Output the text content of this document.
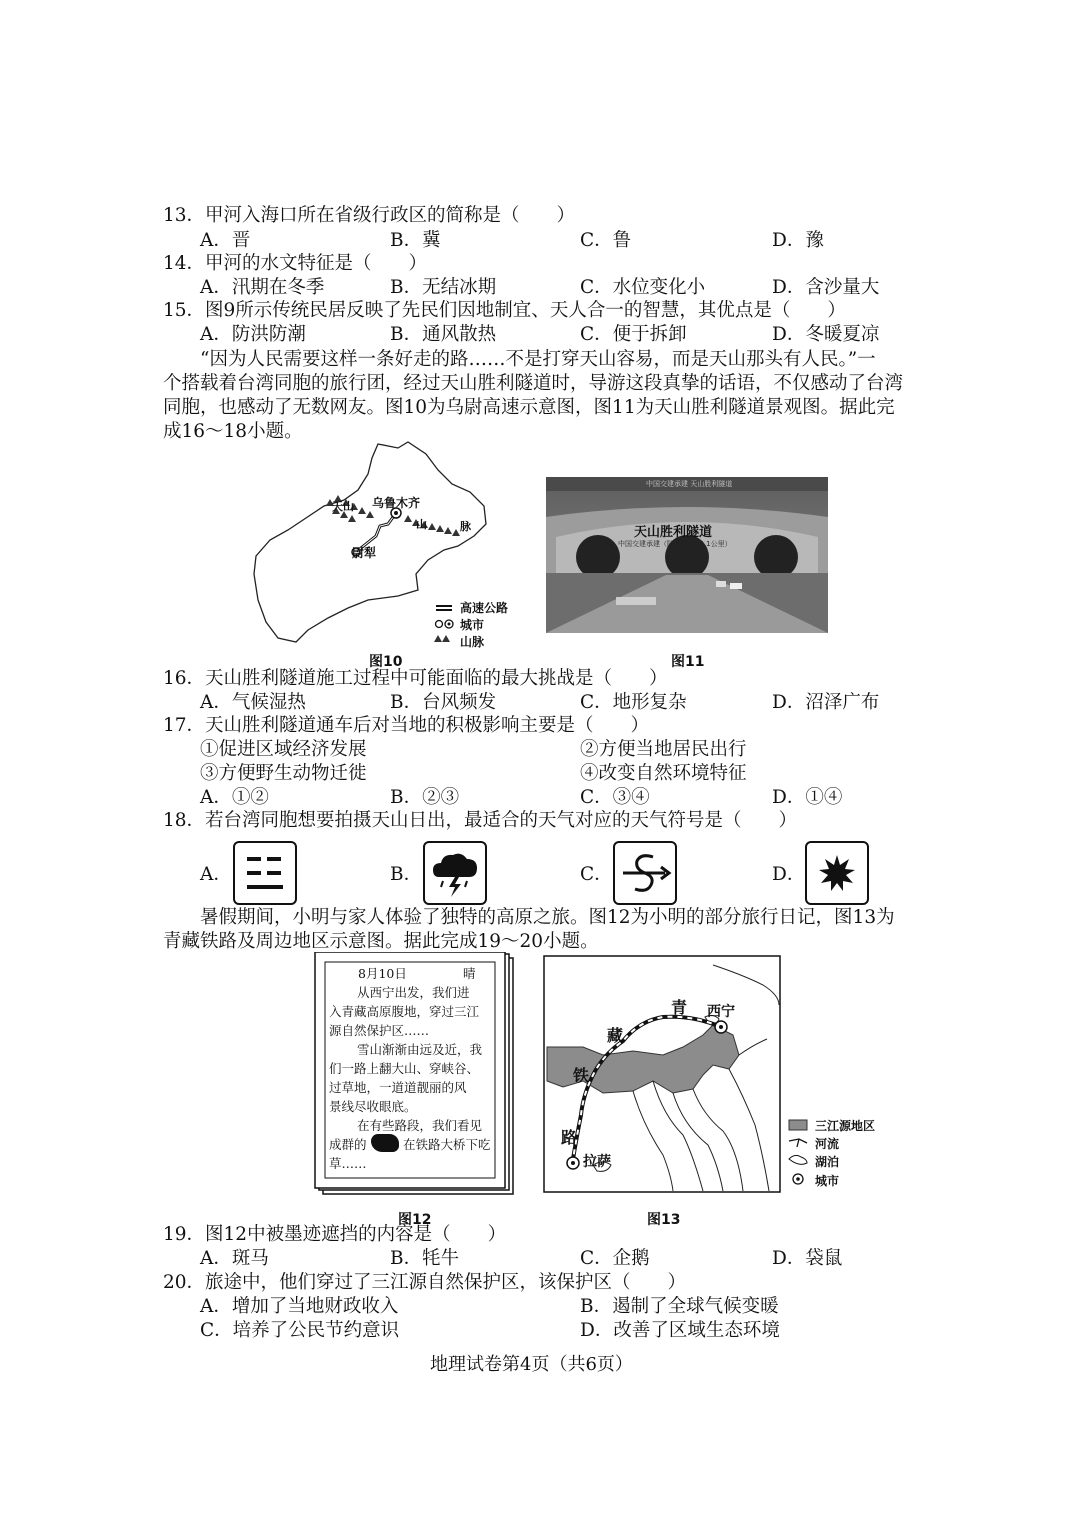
13．甲河入海口所在省级行政区的简称是（　　）
A．晋	B．冀	C．鲁	D．豫
14．甲河的水文特征是（　　）
A．汛期在冬季	B．无结冰期	C．水位变化小	D．含沙量大
15．图9所示传统民居反映了先民们因地制宜、天人合一的智慧，其优点是（　　）
A．防洪防潮	B．通风散热	C．便于拆卸	D．冬暖夏凉
“因为人民需要这样一条好走的路……不是打穿天山容易，而是天山那头有人民。”一
个搭载着台湾同胞的旅行团，经过天山胜利隧道时，导游这段真挚的话语，不仅感动了台湾
同胞，也感动了无数网友。图10为乌尉高速示意图，图11为天山胜利隧道景观图。据此完
成16～18小题。
乌鲁木齐
尉犁
天山
山	脉
高速公路
城市
山脉
图10
天山胜利隧道
中国交建承建（隧道总长22.1公里）
中国交建承建 天山胜利隧道
图11
16．天山胜利隧道施工过程中可能面临的最大挑战是（　　）
A．气候湿热	B．台风频发	C．地形复杂	D．沼泽广布
17．天山胜利隧道通车后对当地的积极影响主要是（　　）
①促进区域经济发展	②方便当地居民出行
③方便野生动物迁徙	④改变自然环境特征
A．①②	B．②③	C．③④	D．①④
18．若台湾同胞想要拍摄天山日出，最适合的天气对应的天气符号是（　　）
A．	B．	C．	D．
暑假期间，小明与家人体验了独特的高原之旅。图12为小明的部分旅行日记，图13为
青藏铁路及周边地区示意图。据此完成19～20小题。
8月10日	晴
从西宁出发，我们进
入青藏高原腹地，穿过三江
源自然保护区……
雪山渐渐由远及近，我
们一路上翻大山、穿峡谷、
过草地，一道道靓丽的风
景线尽收眼底。
在有些路段，我们看见
成群的	在铁路大桥下吃
草……
图12
西宁
拉萨
青
藏
铁
路
三江源地区
河流
湖泊
城市
图13
19．图12中被墨迹遮挡的内容是（　　）
A．斑马	B．牦牛	C．企鹅	D．袋鼠
20．旅途中，他们穿过了三江源自然保护区，该保护区（　　）
A．增加了当地财政收入	B．遏制了全球气候变暖
C．培养了公民节约意识	D．改善了区域生态环境
地理试卷第4页（共6页）
